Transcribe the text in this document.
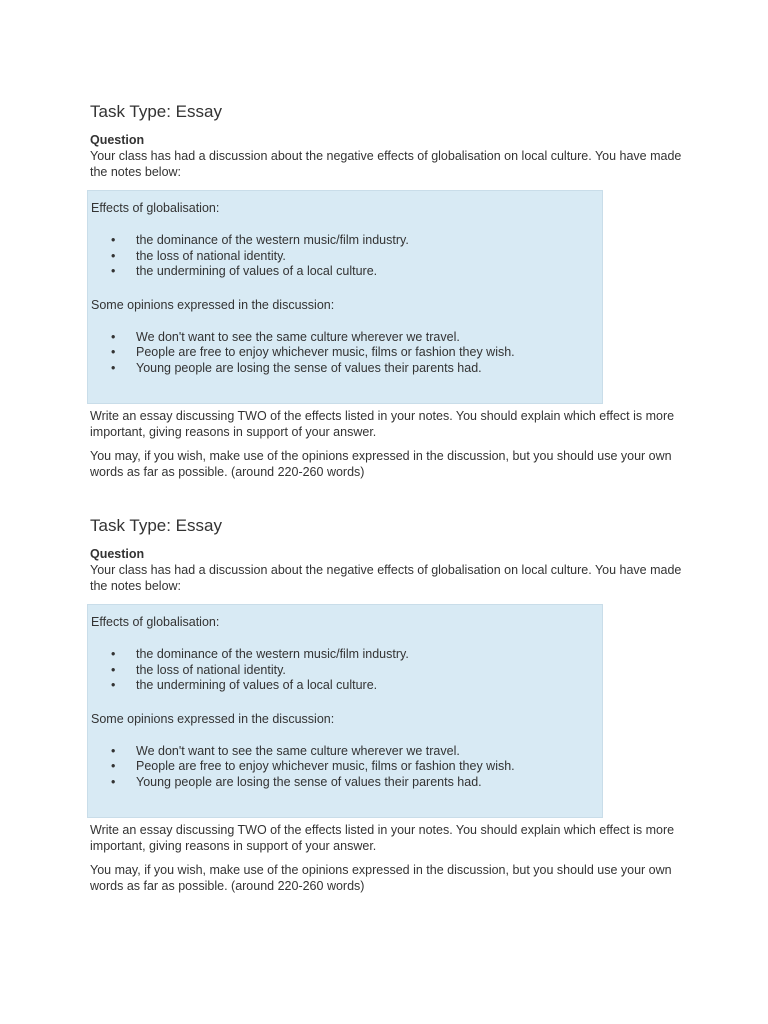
Task Type: Essay

Question

Your class has had a discussion about the negative effects of globalisation on local culture. You have made the notes below:

Effects of globalisation:

• the dominance of the western music/film industry.
• the loss of national identity.
• the undermining of values of a local culture.

Some opinions expressed in the discussion:

• We don't want to see the same culture wherever we travel.
• People are free to enjoy whichever music, films or fashion they wish.
• Young people are losing the sense of values their parents had.

Write an essay discussing TWO of the effects listed in your notes. You should explain which effect is more important, giving reasons in support of your answer.

You may, if you wish, make use of the opinions expressed in the discussion, but you should use your own words as far as possible. (around 220-260 words)

Task Type: Essay

Question

Your class has had a discussion about the negative effects of globalisation on local culture. You have made the notes below:

Effects of globalisation:

• the dominance of the western music/film industry.
• the loss of national identity.
• the undermining of values of a local culture.

Some opinions expressed in the discussion:

• We don't want to see the same culture wherever we travel.
• People are free to enjoy whichever music, films or fashion they wish.
• Young people are losing the sense of values their parents had.

Write an essay discussing TWO of the effects listed in your notes. You should explain which effect is more important, giving reasons in support of your answer.

You may, if you wish, make use of the opinions expressed in the discussion, but you should use your own words as far as possible. (around 220-260 words)
